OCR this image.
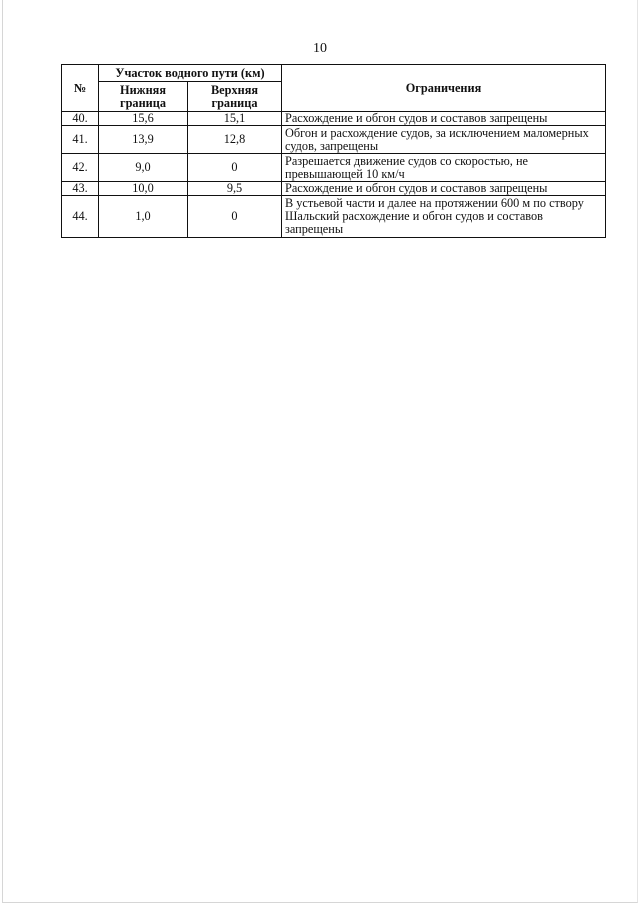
10
№	Участок водного пути (км)		Ограничения
	Нижняя граница	Верхняя граница	
40.	15,6	15,1	Расхождение и обгон судов и составов запрещены
41.	13,9	12,8	Обгон и расхождение судов, за исключением маломерных судов, запрещены
42.	9,0	0	Разрешается движение судов со скоростью, не превышающей 10 км/ч
43.	10,0	9,5	Расхождение и обгон судов и составов запрещены
44.	1,0	0	В устьевой части и далее на протяжении 600 м по створу Шальский расхождение и обгон судов и составов запрещены
